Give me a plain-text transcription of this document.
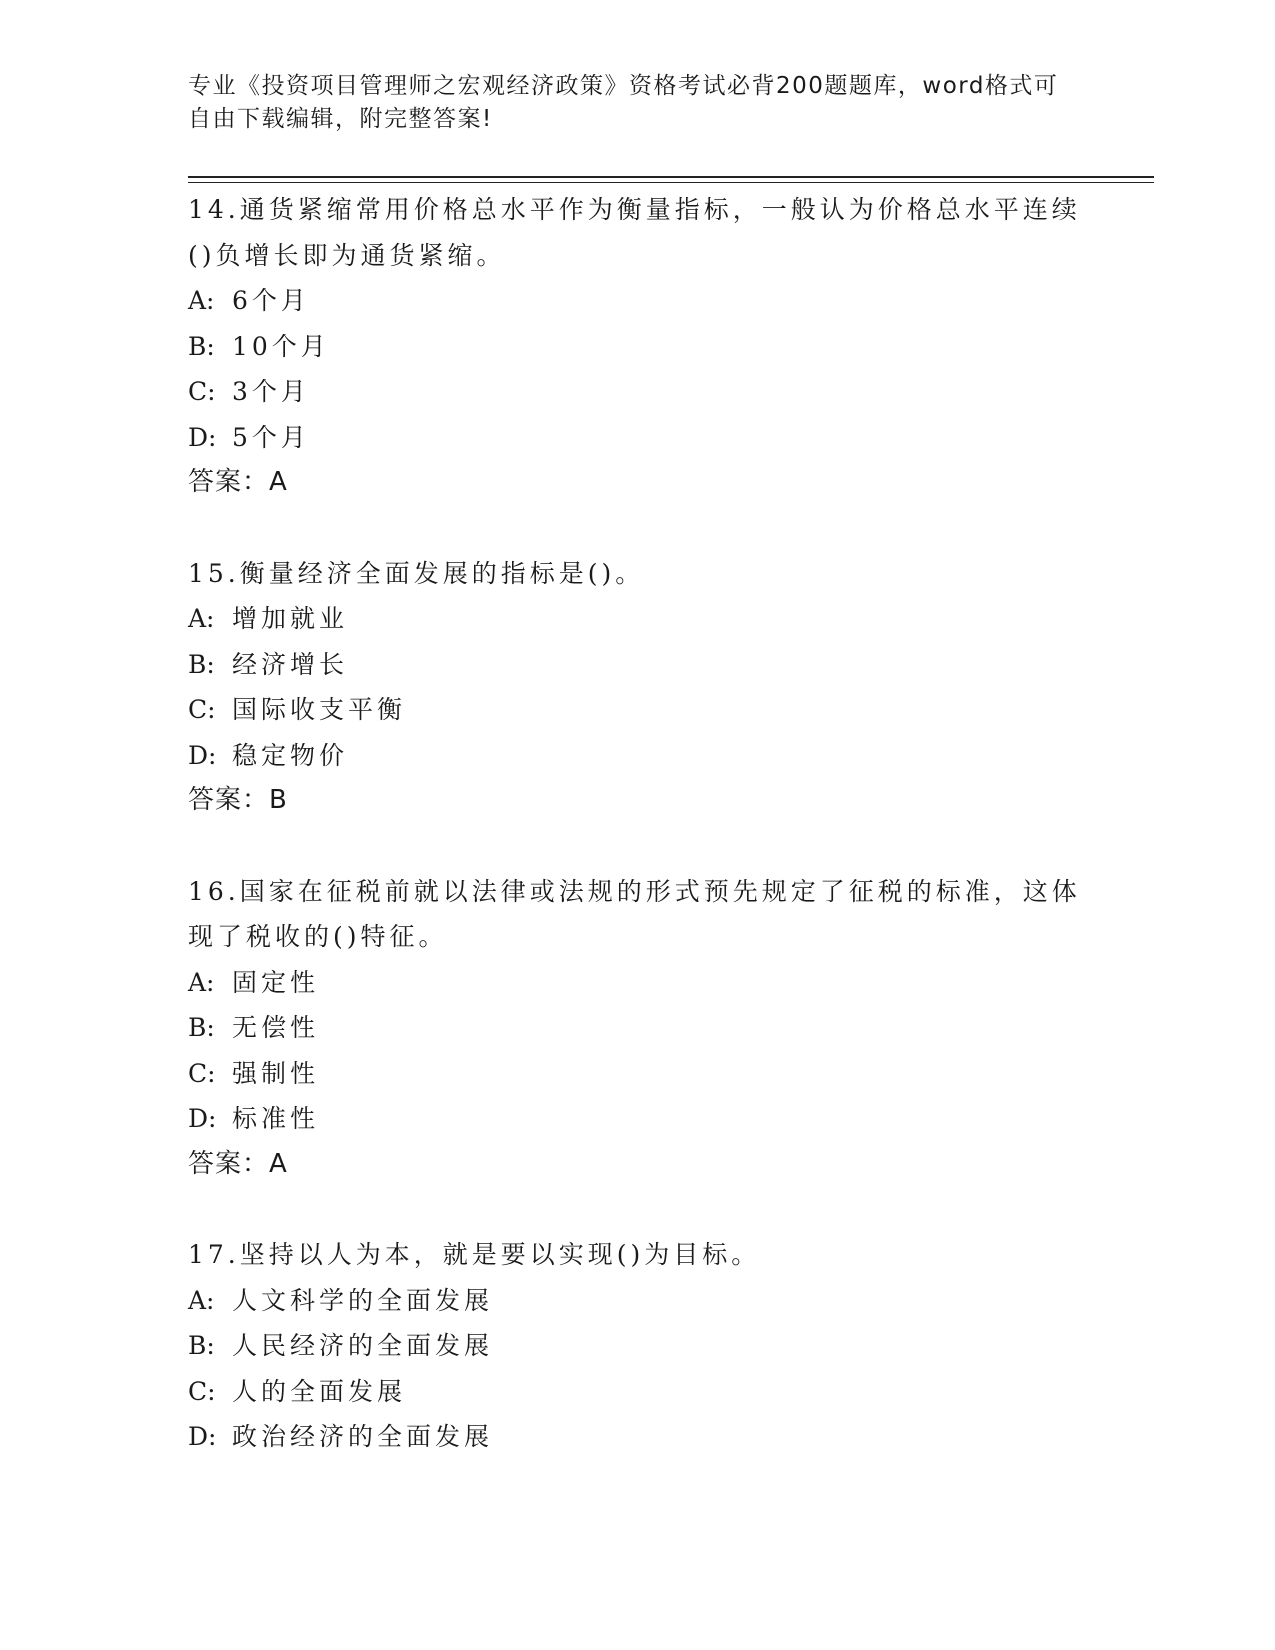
专业《投资项目管理师之宏观经济政策》资格考试必背200题题库，word格式可

自由下载编辑，附完整答案!

14.通货紧缩常用价格总水平作为衡量指标，一般认为价格总水平连续
()负增长即为通货紧缩。
A: 6个月
B: 10个月
C: 3个月
D: 5个月
答案：A
15.衡量经济全面发展的指标是()。
A: 增加就业
B: 经济增长
C: 国际收支平衡
D: 稳定物价
答案：B
16.国家在征税前就以法律或法规的形式预先规定了征税的标准，这体
现了税收的()特征。
A: 固定性
B: 无偿性
C: 强制性
D: 标准性
答案：A
17.坚持以人为本，就是要以实现()为目标。
A: 人文科学的全面发展
B: 人民经济的全面发展
C: 人的全面发展
D: 政治经济的全面发展
